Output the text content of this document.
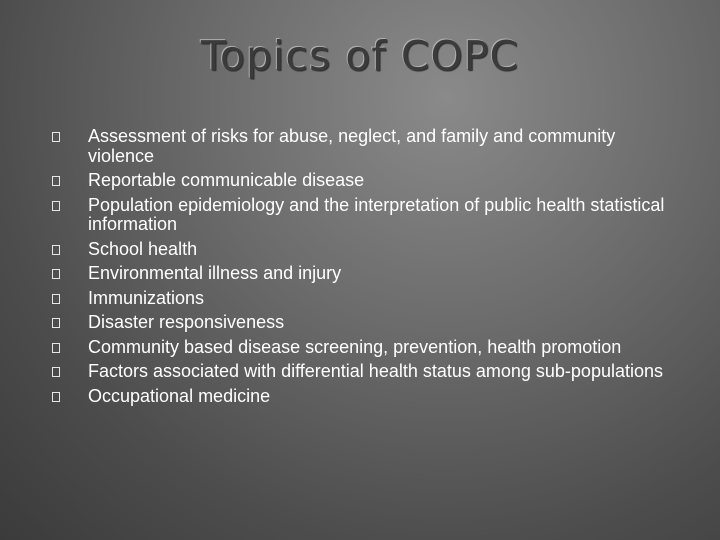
Topics of COPC
Assessment of risks for abuse, neglect, and family and community violence
Reportable communicable disease
Population epidemiology and the interpretation of public health statistical information
School health
Environmental illness and injury
Immunizations
Disaster responsiveness
Community based disease screening, prevention, health promotion
Factors associated with differential health status among sub-populations
Occupational medicine
